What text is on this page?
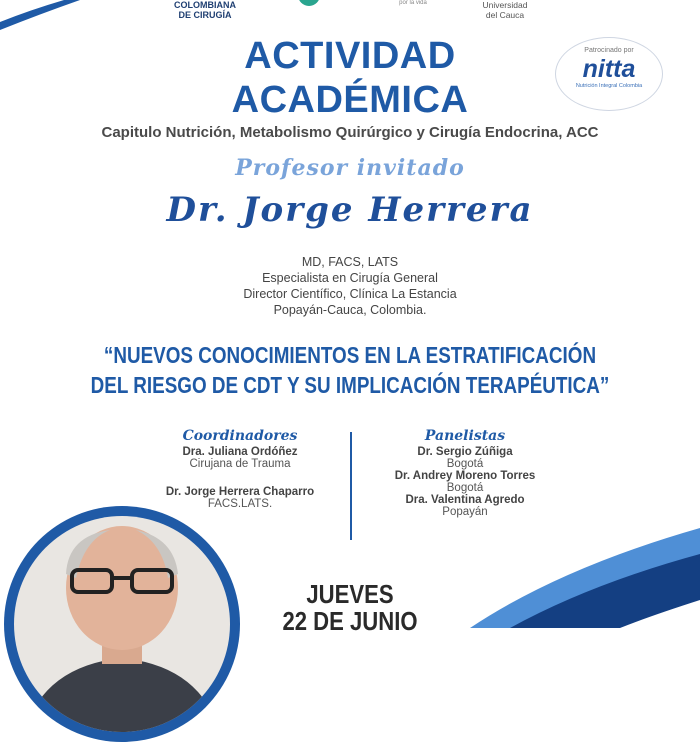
COLOMBIANA
DE CIRUGÍA
por la vida	Universidad
del Cauca
Patrocinado por
nitta
Nutrición Integral Colombia
ACTIVIDAD
ACADÉMICA
Capitulo Nutrición, Metabolismo Quirúrgico y Cirugía Endocrina, ACC
Profesor invitado
Dr. Jorge Herrera
MD, FACS, LATS
Especialista en Cirugía General
Director Científico, Clínica La Estancia
Popayán-Cauca, Colombia.
“NUEVOS CONOCIMIENTOS EN LA ESTRATIFICACIÓN
DEL RIESGO DE CDT Y SU IMPLICACIÓN TERAPÉUTICA”
Coordinadores
Dra. Juliana Ordóñez
Cirujana de Trauma
Dr. Jorge Herrera Chaparro
FACS.LATS.
Panelistas
Dr. Sergio Zúñiga
Bogotá
Dr. Andrey Moreno Torres
Bogotá
Dra. Valentina Agredo
Popayán
JUEVES
22 DE JUNIO
